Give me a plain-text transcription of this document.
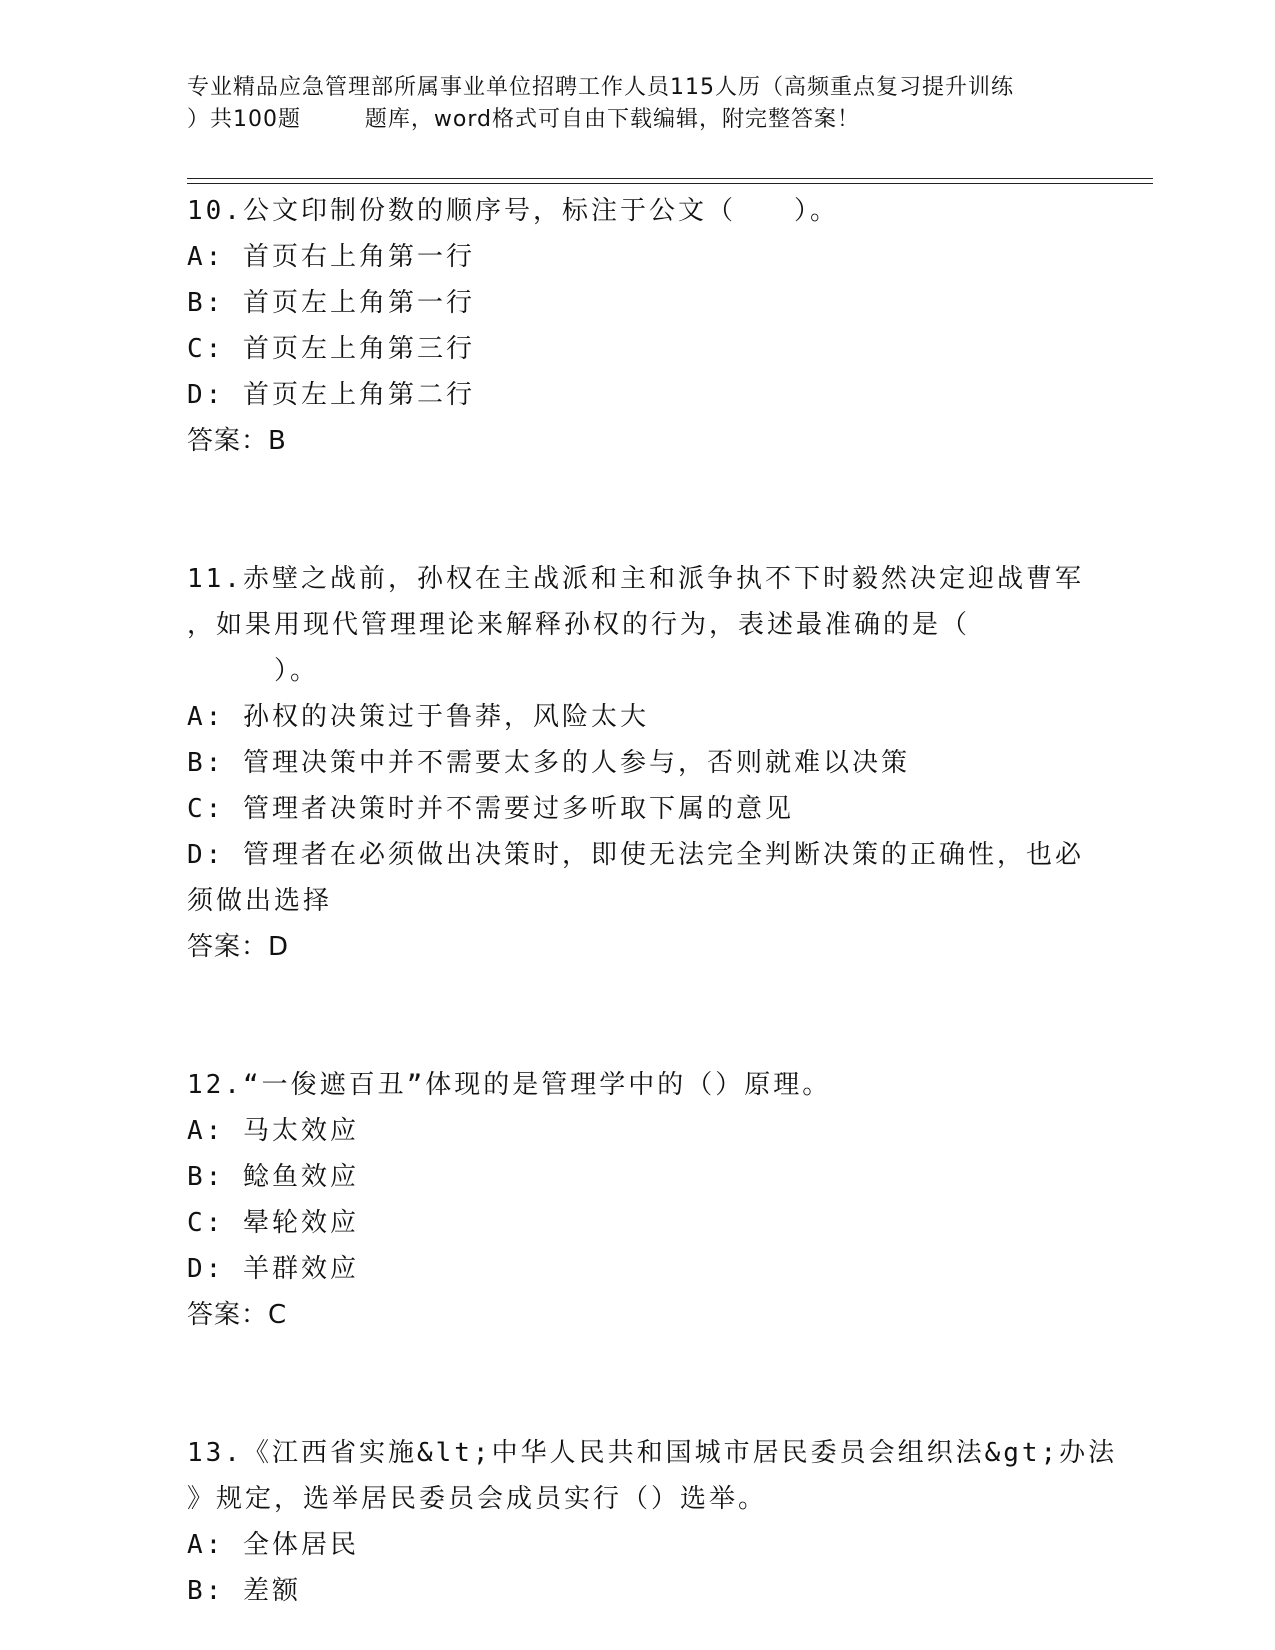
专业精品应急管理部所属事业单位招聘工作人员115人历（高频重点复习提升训练
）共100题        题库，word格式可自由下载编辑，附完整答案！
10.公文印制份数的顺序号，标注于公文（　　）。
A: 首页右上角第一行
B: 首页左上角第一行
C: 首页左上角第三行
D: 首页左上角第二行
答案：B
11.赤壁之战前，孙权在主战派和主和派争执不下时毅然决定迎战曹军
，如果用现代管理理论来解释孙权的行为，表述最准确的是（
　　　）。
A: 孙权的决策过于鲁莽，风险太大
B: 管理决策中并不需要太多的人参与，否则就难以决策
C: 管理者决策时并不需要过多听取下属的意见
D: 管理者在必须做出决策时，即使无法完全判断决策的正确性，也必
须做出选择
答案：D
12.“一俊遮百丑”体现的是管理学中的（）原理。
A: 马太效应
B: 鲶鱼效应
C: 晕轮效应
D: 羊群效应
答案：C
13.《江西省实施&lt;中华人民共和国城市居民委员会组织法&gt;办法
》规定，选举居民委员会成员实行（）选举。
A: 全体居民
B: 差额
